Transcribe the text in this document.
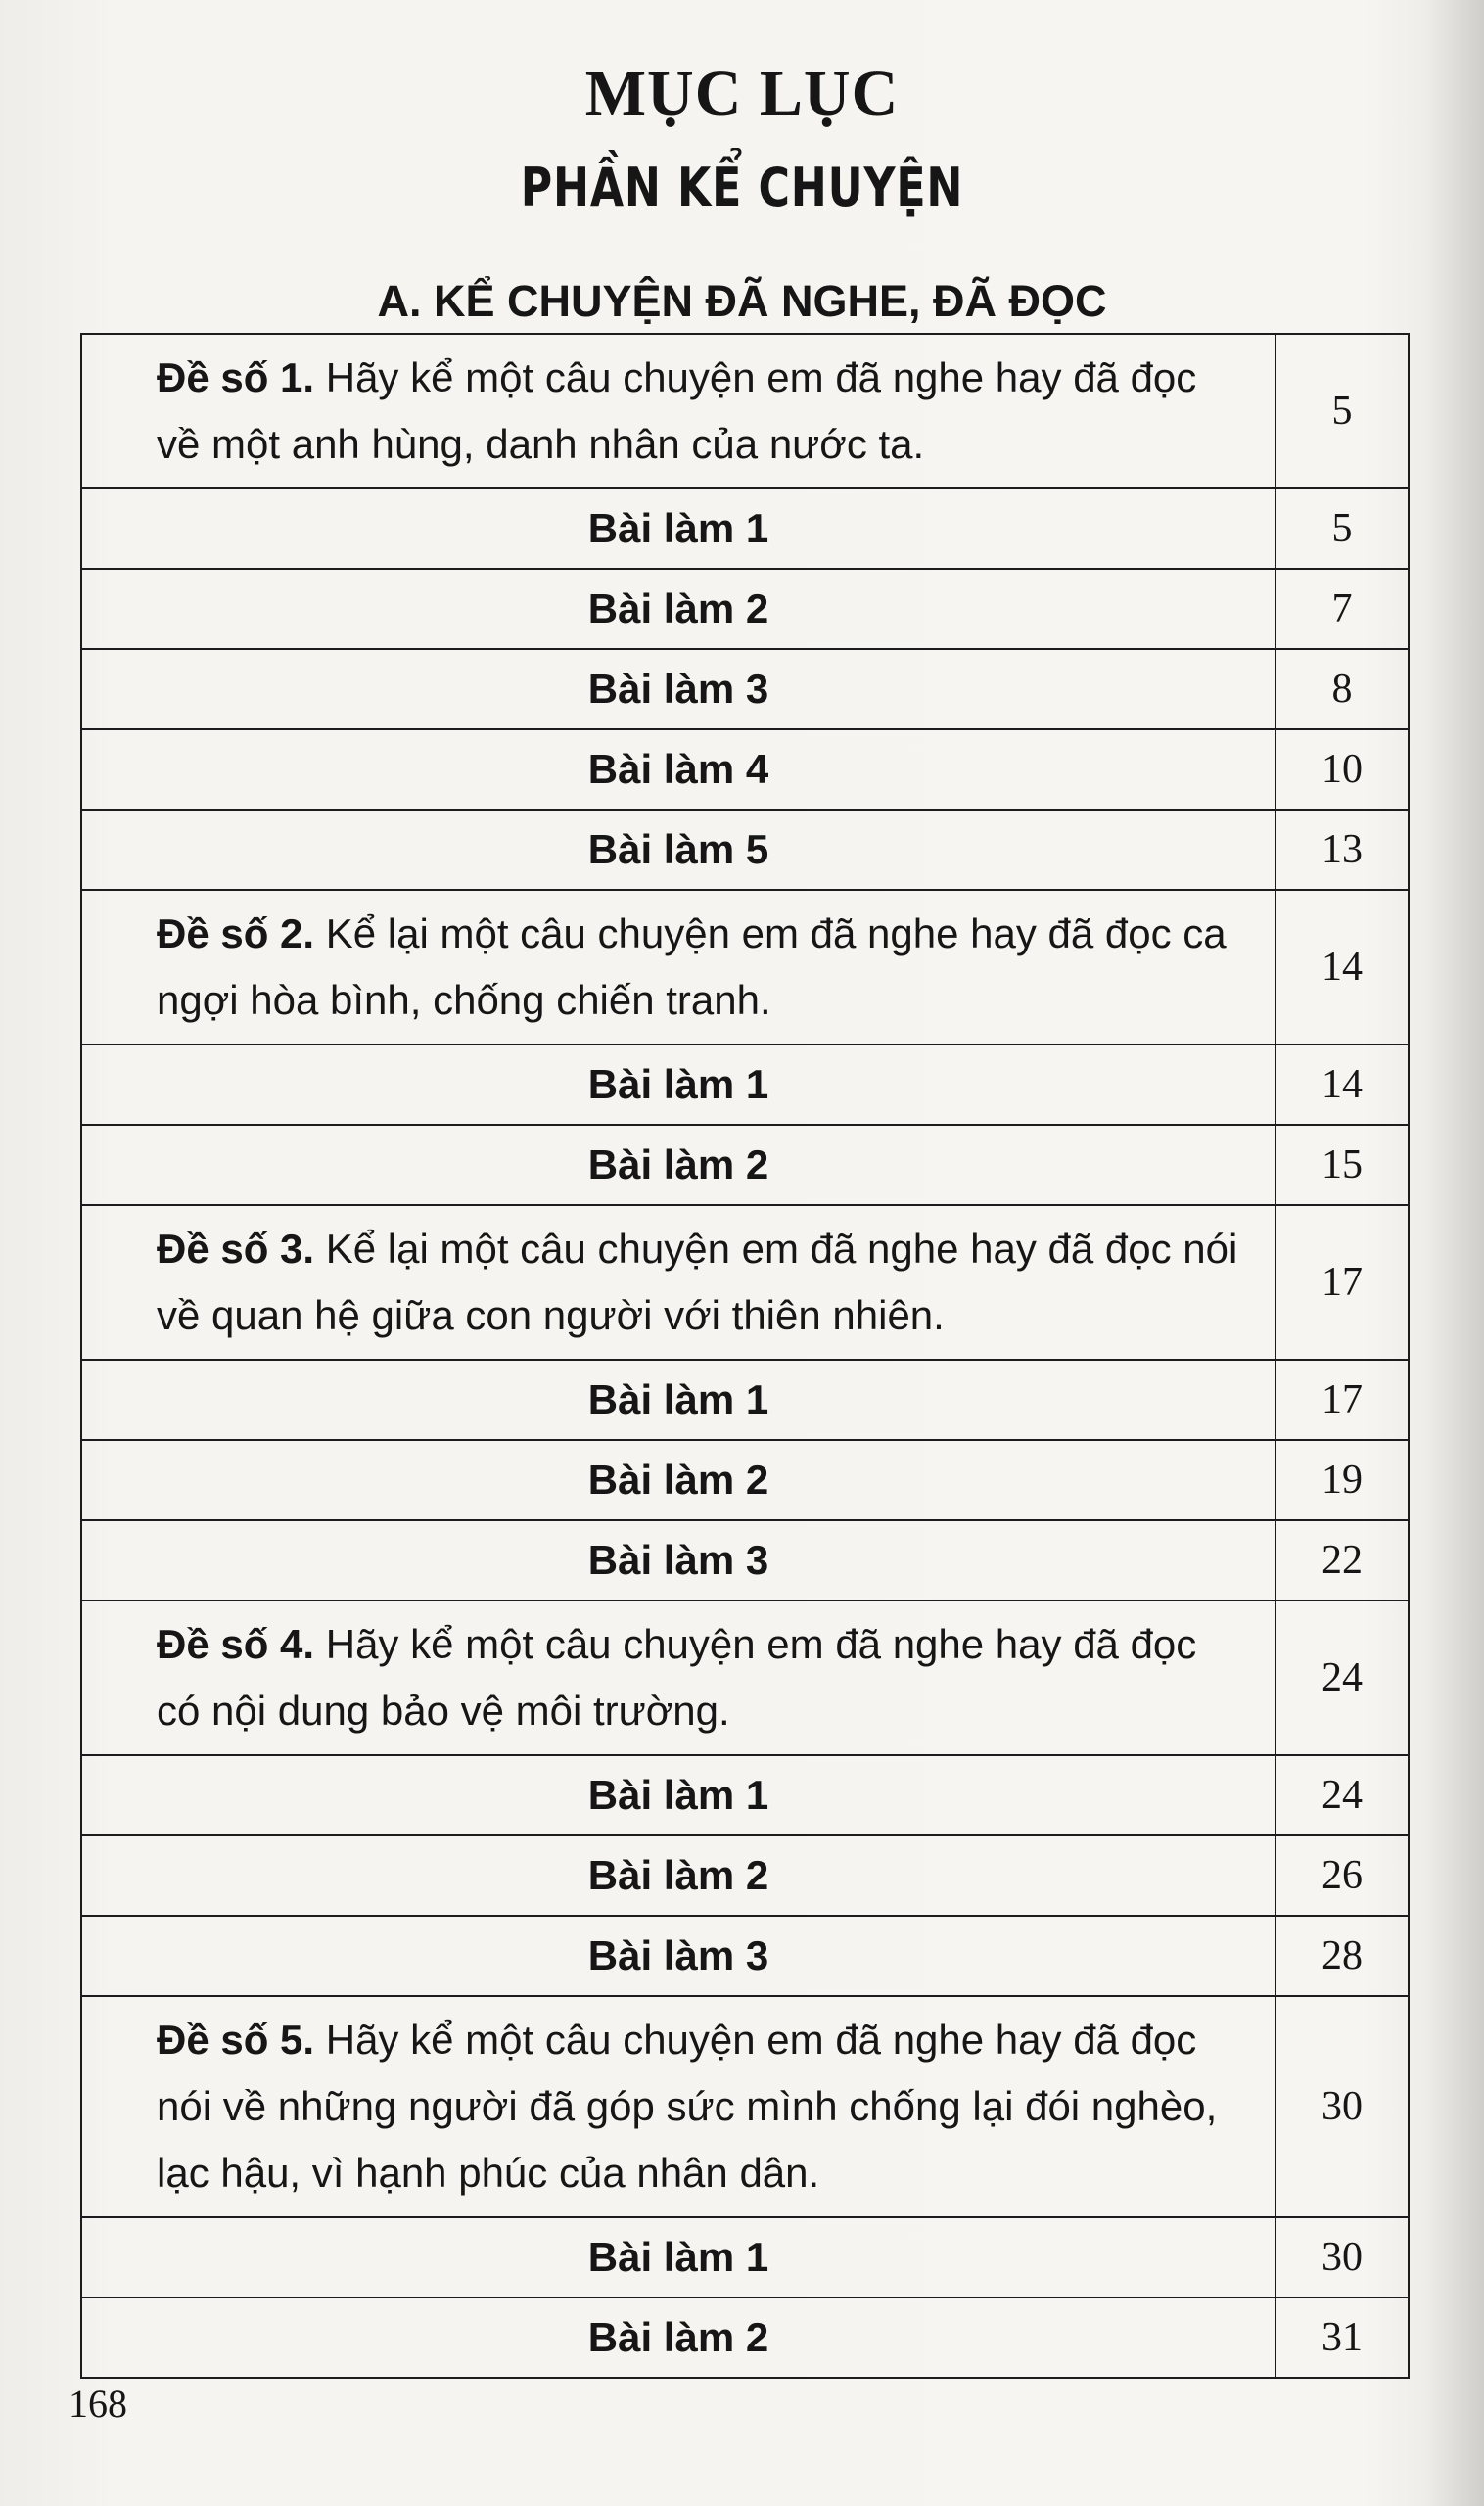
MỤC LỤC
PHẦN KỂ CHUYỆN
A. KỂ CHUYỆN ĐÃ NGHE, ĐÃ ĐỌC
Đề số 1. Hãy kể một câu chuyện em đã nghe hay đã đọc về một anh hùng, danh nhân của nước ta.	5
Bài làm 1	5
Bài làm 2	7
Bài làm 3	8
Bài làm 4	10
Bài làm 5	13
Đề số 2. Kể lại một câu chuyện em đã nghe hay đã đọc ca ngợi hòa bình, chống chiến tranh.	14
Bài làm 1	14
Bài làm 2	15
Đề số 3. Kể lại một câu chuyện em đã nghe hay đã đọc nói về quan hệ giữa con người với thiên nhiên.	17
Bài làm 1	17
Bài làm 2	19
Bài làm 3	22
Đề số 4. Hãy kể một câu chuyện em đã nghe hay đã đọc có nội dung bảo vệ môi trường.	24
Bài làm 1	24
Bài làm 2	26
Bài làm 3	28
Đề số 5. Hãy kể một câu chuyện em đã nghe hay đã đọc nói về những người đã góp sức mình chống lại đói nghèo, lạc hậu, vì hạnh phúc của nhân dân.	30
Bài làm 1	30
Bài làm 2	31
168
